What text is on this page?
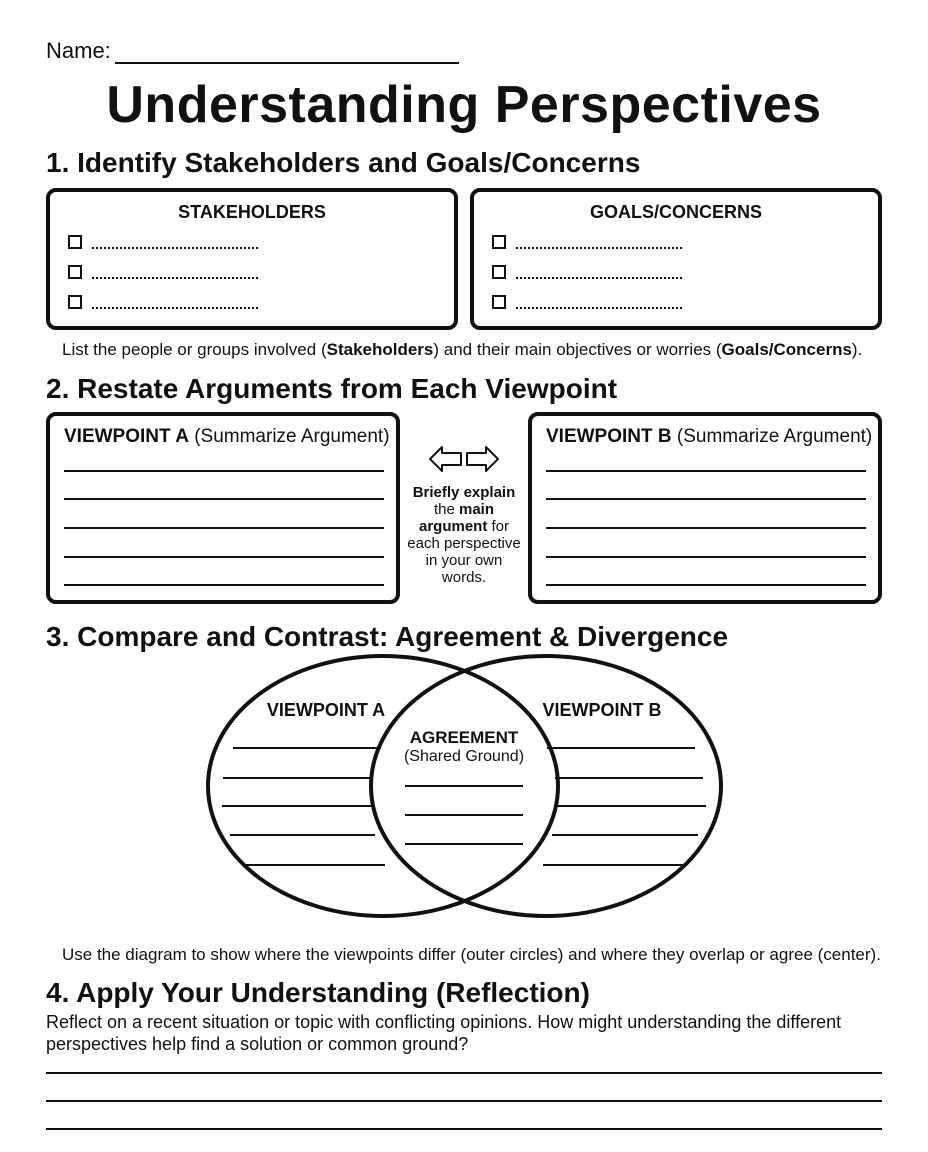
Name:
Understanding Perspectives
1. Identify Stakeholders and Goals/Concerns
STAKEHOLDERS	GOALS/CONCERNS
List the people or groups involved (Stakeholders) and their main objectives or worries (Goals/Concerns).
2. Restate Arguments from Each Viewpoint
VIEWPOINT A (Summarize Argument)	VIEWPOINT B (Summarize Argument)
Briefly explain
the main
argument for
each perspective
in your own
words.
3. Compare and Contrast: Agreement & Divergence
VIEWPOINT A	VIEWPOINT B
AGREEMENT
(Shared Ground)
Use the diagram to show where the viewpoints differ (outer circles) and where they overlap or agree (center).
4. Apply Your Understanding (Reflection)
Reflect on a recent situation or topic with conflicting opinions. How might understanding the different perspectives help find a solution or common ground?
